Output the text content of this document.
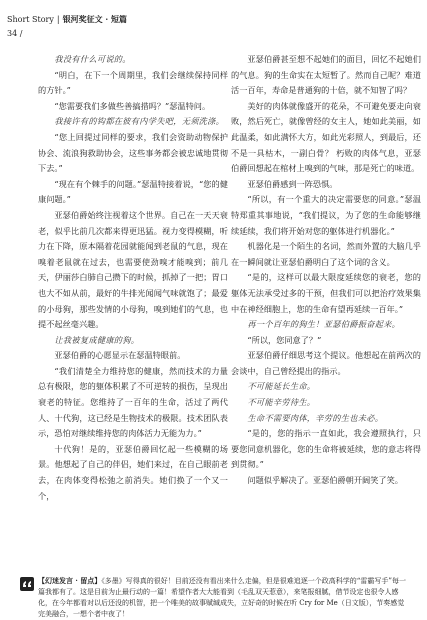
Short Story | 银河奖征文 · 短篇
34 /

我没有什么可说的。

“明白，在下一个周期里，我们会继续保持同样的方针。”

“您需要我们多做些善搞措吗？”瑟温特问。

我接许有的钩都在彼有内学失吧，无须洗涤。

“您上回提过同样的要求，我们会资助动物保护协会、流浪狗救助协会，这些事务都会被忠诚地贯彻下去。”

“现在有个棘手的问题。”瑟温特接着说，“您的健康问题。”

亚瑟伯爵始终注视着这个世界。自己在一天天衰老，似乎比前几次都来得更迅猛。视力变得模糊，听力在下降，原本隔着花园就能闻到老鼠的气息，现在嗅着老鼠就在过去，也需要使劲嗅才能嗅到；前几天，伊丽莎白肺自己攒下的时候，抓掉了一把；胃口也大不如从前，最好的牛排光闻闻气味就饱了；最爱的小母狗，那些发情的小母狗，嗅到她们的气息，也提不起丝毫兴趣。

让我被复成健康的狗。

亚瑟伯爵的心愿显示在瑟温特眼前。

“我们清楚全力维持您的健康，然而技术的力量总有极限，您的躯体积累了不可逆转的损伤，呈现出衰老的特征。您维持了一百年的生命，活过了两代人、十代狗，这已经是生物技术的极限。技术团队表示，恐怕对继续维持您的肉体活力无能为力。”

十代狗！是的，亚瑟伯爵回忆起一些模糊的场景。他想起了自己的伴侣，她们来过，在自己眼前老去，在肉体变得松弛之前消失。她们换了一个又一个，

亚瑟伯爵甚至想不起她们的面目，回忆不起她们的气息。狗的生命实在太短暂了。然而自己呢？难道活一百年，寿命是普通狗的十倍，就不知智了吗？

美好的肉体就像盛开的花朵，不可避免要走向衰败，然后死亡，就像曾经的女主人，她如此美丽，如此温柔，如此满怀大方，如此光彩照人，到最后，还不是一具枯木，一副白骨？ 朽败的肉体气息，亚瑟伯爵回想起在棺材上嗅到的气味，那是死亡的味道。

亚瑟伯爵感到一阵恐惧。

“所以，有一个重大的决定需要您的同意。”瑟温特郑重其事地说，“我们提议，为了您的生命能够继续延续，我们将开始对您的躯体进行机器化。”

机器化是一个陌生的名词，然而外置的大脑几乎在一瞬间就让亚瑟伯爵明白了这个词的含义。

“是的，这样可以最大限度延续您的衰老，您的躯体无法承受过多的干预，但我们可以把治疗效果集中在神经细胞上，您的生命有望再延续一百年。”

再一个百年的狗生！亚瑟伯爵振奋起来。

“所以，您同意了？”

亚瑟伯爵仔细思考这个提议。他想起在前两次的会谈中，自己曾经提出的指示。

不可能延长生命。

不可能辛劳待生。

生命不需要肉体，辛劳的生也未必。

“是的，您的指示一直如此，我会遵照执行，只要您同意机器化，您的生命将被延续，您的意志将得到贯彻。”

问题似乎解决了。亚瑟伯爵朝开阔笑了笑。

【幻迷发言 · 留点】《多墨》写得真的很好！目前还没有看出来什么走偏，但是很难追逐一个政高科学的“雷霸写手”每一篇我都有了。这是目前为止最行动的一篇！希望作者大大能看到（毛乱双天惹意），来笔报细腻，借节设定也很令人感化，在今年都看对以后还没的机智，把一个唯美的故事赋缄成失，立好奇的时候在听 Cry for Me（日文版），节奏感觉完美融合，一想个者中夜了！
